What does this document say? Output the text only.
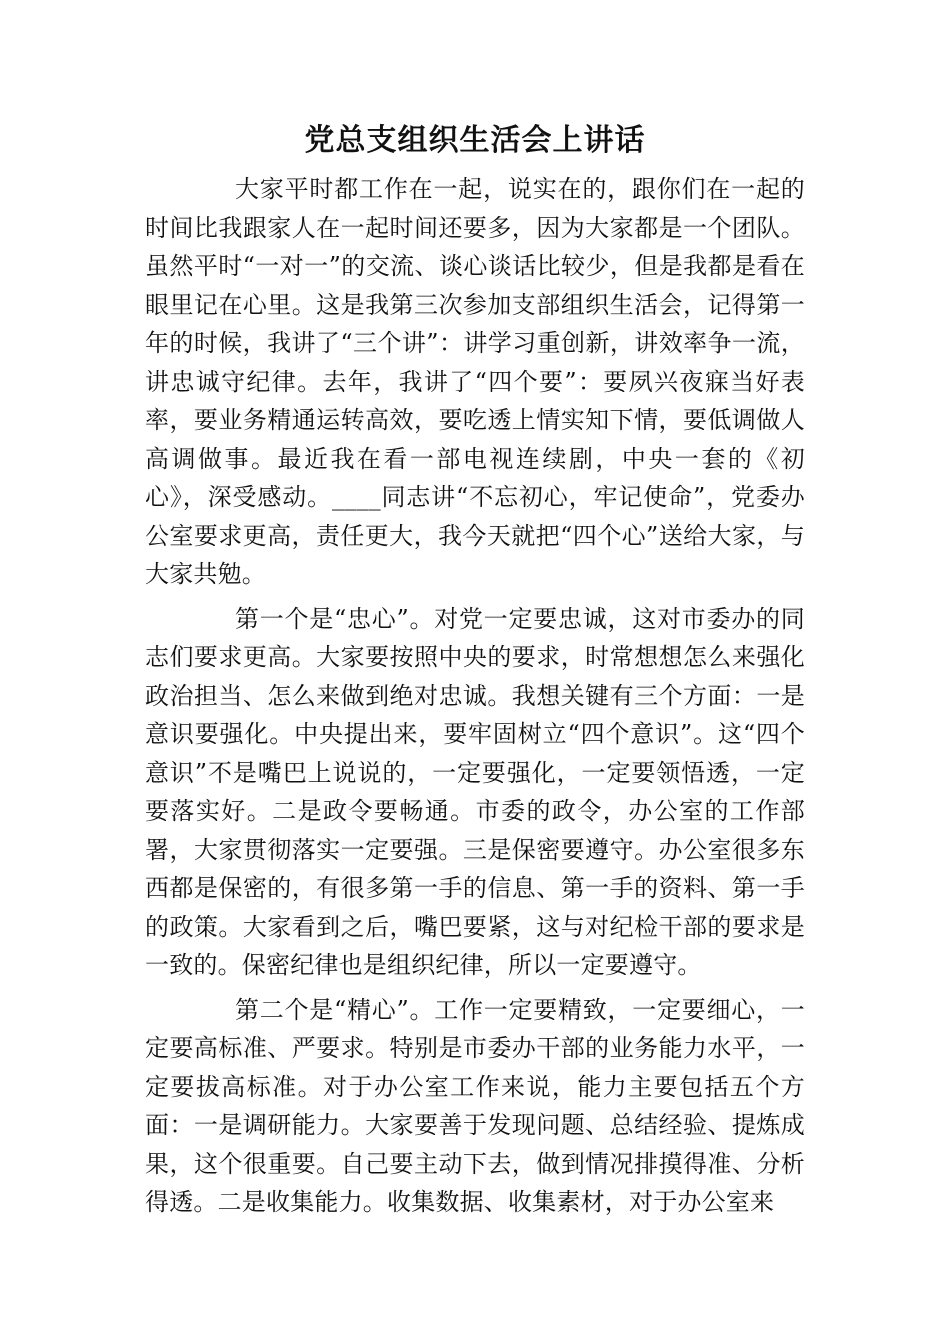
党总支组织生活会上讲话

大家平时都工作在一起，说实在的，跟你们在一起的时间比我跟家人在一起时间还要多，因为大家都是一个团队。虽然平时“一对一”的交流、谈心谈话比较少，但是我都是看在眼里记在心里。这是我第三次参加支部组织生活会，记得第一年的时候，我讲了“三个讲”：讲学习重创新，讲效率争一流，讲忠诚守纪律。去年，我讲了“四个要”：要夙兴夜寐当好表率，要业务精通运转高效，要吃透上情实知下情，要低调做人高调做事。最近我在看一部电视连续剧，中央一套的《初心》，深受感动。____同志讲“不忘初心，牢记使命”，党委办公室要求更高，责任更大，我今天就把“四个心”送给大家，与大家共勉。

第一个是“忠心”。对党一定要忠诚，这对市委办的同志们要求更高。大家要按照中央的要求，时常想想怎么来强化政治担当、怎么来做到绝对忠诚。我想关键有三个方面：一是意识要强化。中央提出来，要牢固树立“四个意识”。这“四个意识”不是嘴巴上说说的，一定要强化，一定要领悟透，一定要落实好。二是政令要畅通。市委的政令，办公室的工作部署，大家贯彻落实一定要强。三是保密要遵守。办公室很多东西都是保密的，有很多第一手的信息、第一手的资料、第一手的政策。大家看到之后，嘴巴要紧，这与对纪检干部的要求是一致的。保密纪律也是组织纪律，所以一定要遵守。

第二个是“精心”。工作一定要精致，一定要细心，一定要高标准、严要求。特别是市委办干部的业务能力水平，一定要拔高标准。对于办公室工作来说，能力主要包括五个方面：一是调研能力。大家要善于发现问题、总结经验、提炼成果，这个很重要。自己要主动下去，做到情况排摸得准、分析得透。二是收集能力。收集数据、收集素材，对于办公室来
